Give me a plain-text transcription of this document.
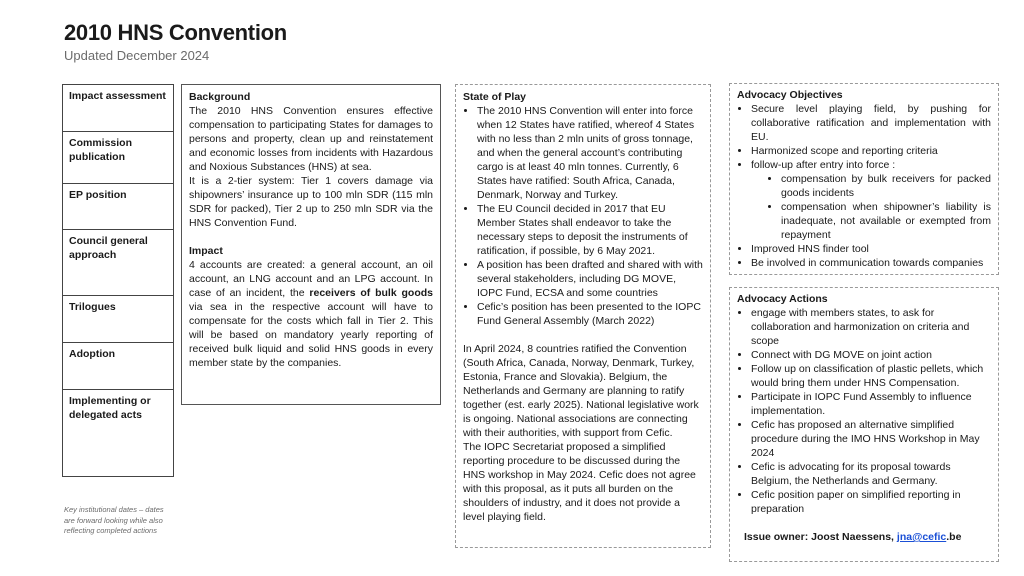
2010 HNS Convention
Updated December 2024
Impact assessment
Commission publication
EP position
Council general approach
Trilogues
Adoption
Implementing or delegated acts
Key institutional dates – dates are forward looking while also reflecting completed actions
Background

The 2010 HNS Convention ensures effective compensation to participating States for damages to persons and property, clean up and reinstatement and economic losses from incidents with Hazardous and Noxious Substances (HNS) at sea.

It is a 2-tier system: Tier 1 covers damage via shipowners’ insurance up to 100 mln SDR (115 mln SDR for packed), Tier 2 up to 250 mln SDR via the HNS Convention Fund.

Impact

4 accounts are created: a general account, an oil account, an LNG account and an LPG account. In case of an incident, the receivers of bulk goods via sea in the respective account will have to compensate for the costs which fall in Tier 2. This will be based on mandatory yearly reporting of received bulk liquid and solid HNS goods in every member state by the companies.

State of Play
• The 2010 HNS Convention will enter into force when 12 States have ratified, whereof 4 States with no less than 2 mln units of gross tonnage, and when the general account’s contributing cargo is at least 40 mln tonnes. Currently, 6 States have ratified: South Africa, Canada, Denmark, Norway and Turkey.
• The EU Council decided in 2017 that EU Member States shall endeavor to take the necessary steps to deposit the instruments of ratification, if possible, by 6 May 2021.
• A position has been drafted and shared with with several stakeholders, including DG MOVE, IOPC Fund, ECSA and some countries
• Cefic’s position has been presented to the IOPC Fund General Assembly (March 2022)

In April 2024, 8 countries ratified the Convention (South Africa, Canada, Norway, Denmark, Turkey, Estonia, France and Slovakia). Belgium, the Netherlands and Germany are planning to ratify together (est. early 2025). National legislative work is ongoing. National associations are connecting with their authorities, with support from Cefic.

The IOPC Secretariat proposed a simplified reporting procedure to be discussed during the HNS workshop in May 2024. Cefic does not agree with this proposal, as it puts all burden on the shoulders of industry, and it does not provide a level playing field.

Advocacy Objectives
• Secure level playing field, by pushing for collaborative ratification and implementation with EU.
• Harmonized scope and reporting criteria
• follow-up after entry into force :
• compensation by bulk receivers for packed goods incidents
• compensation when shipowner’s liability is inadequate, not available or exempted from repayment
• Improved HNS finder tool
• Be involved in communication towards companies
Advocacy Actions
• engage with members states, to ask for collaboration and harmonization on criteria and scope
• Connect with DG MOVE on joint action
• Follow up on classification of plastic pellets, which would bring them under HNS Compensation.
• Participate in IOPC Fund Assembly to influence implementation.
• Cefic has proposed an alternative simplified procedure during the IMO HNS Workshop in May 2024
• Cefic is advocating for its proposal towards Belgium, the Netherlands and Germany.
• Cefic position paper on simplified reporting in preparation
Issue owner: Joost Naessens, jna@cefic.be
